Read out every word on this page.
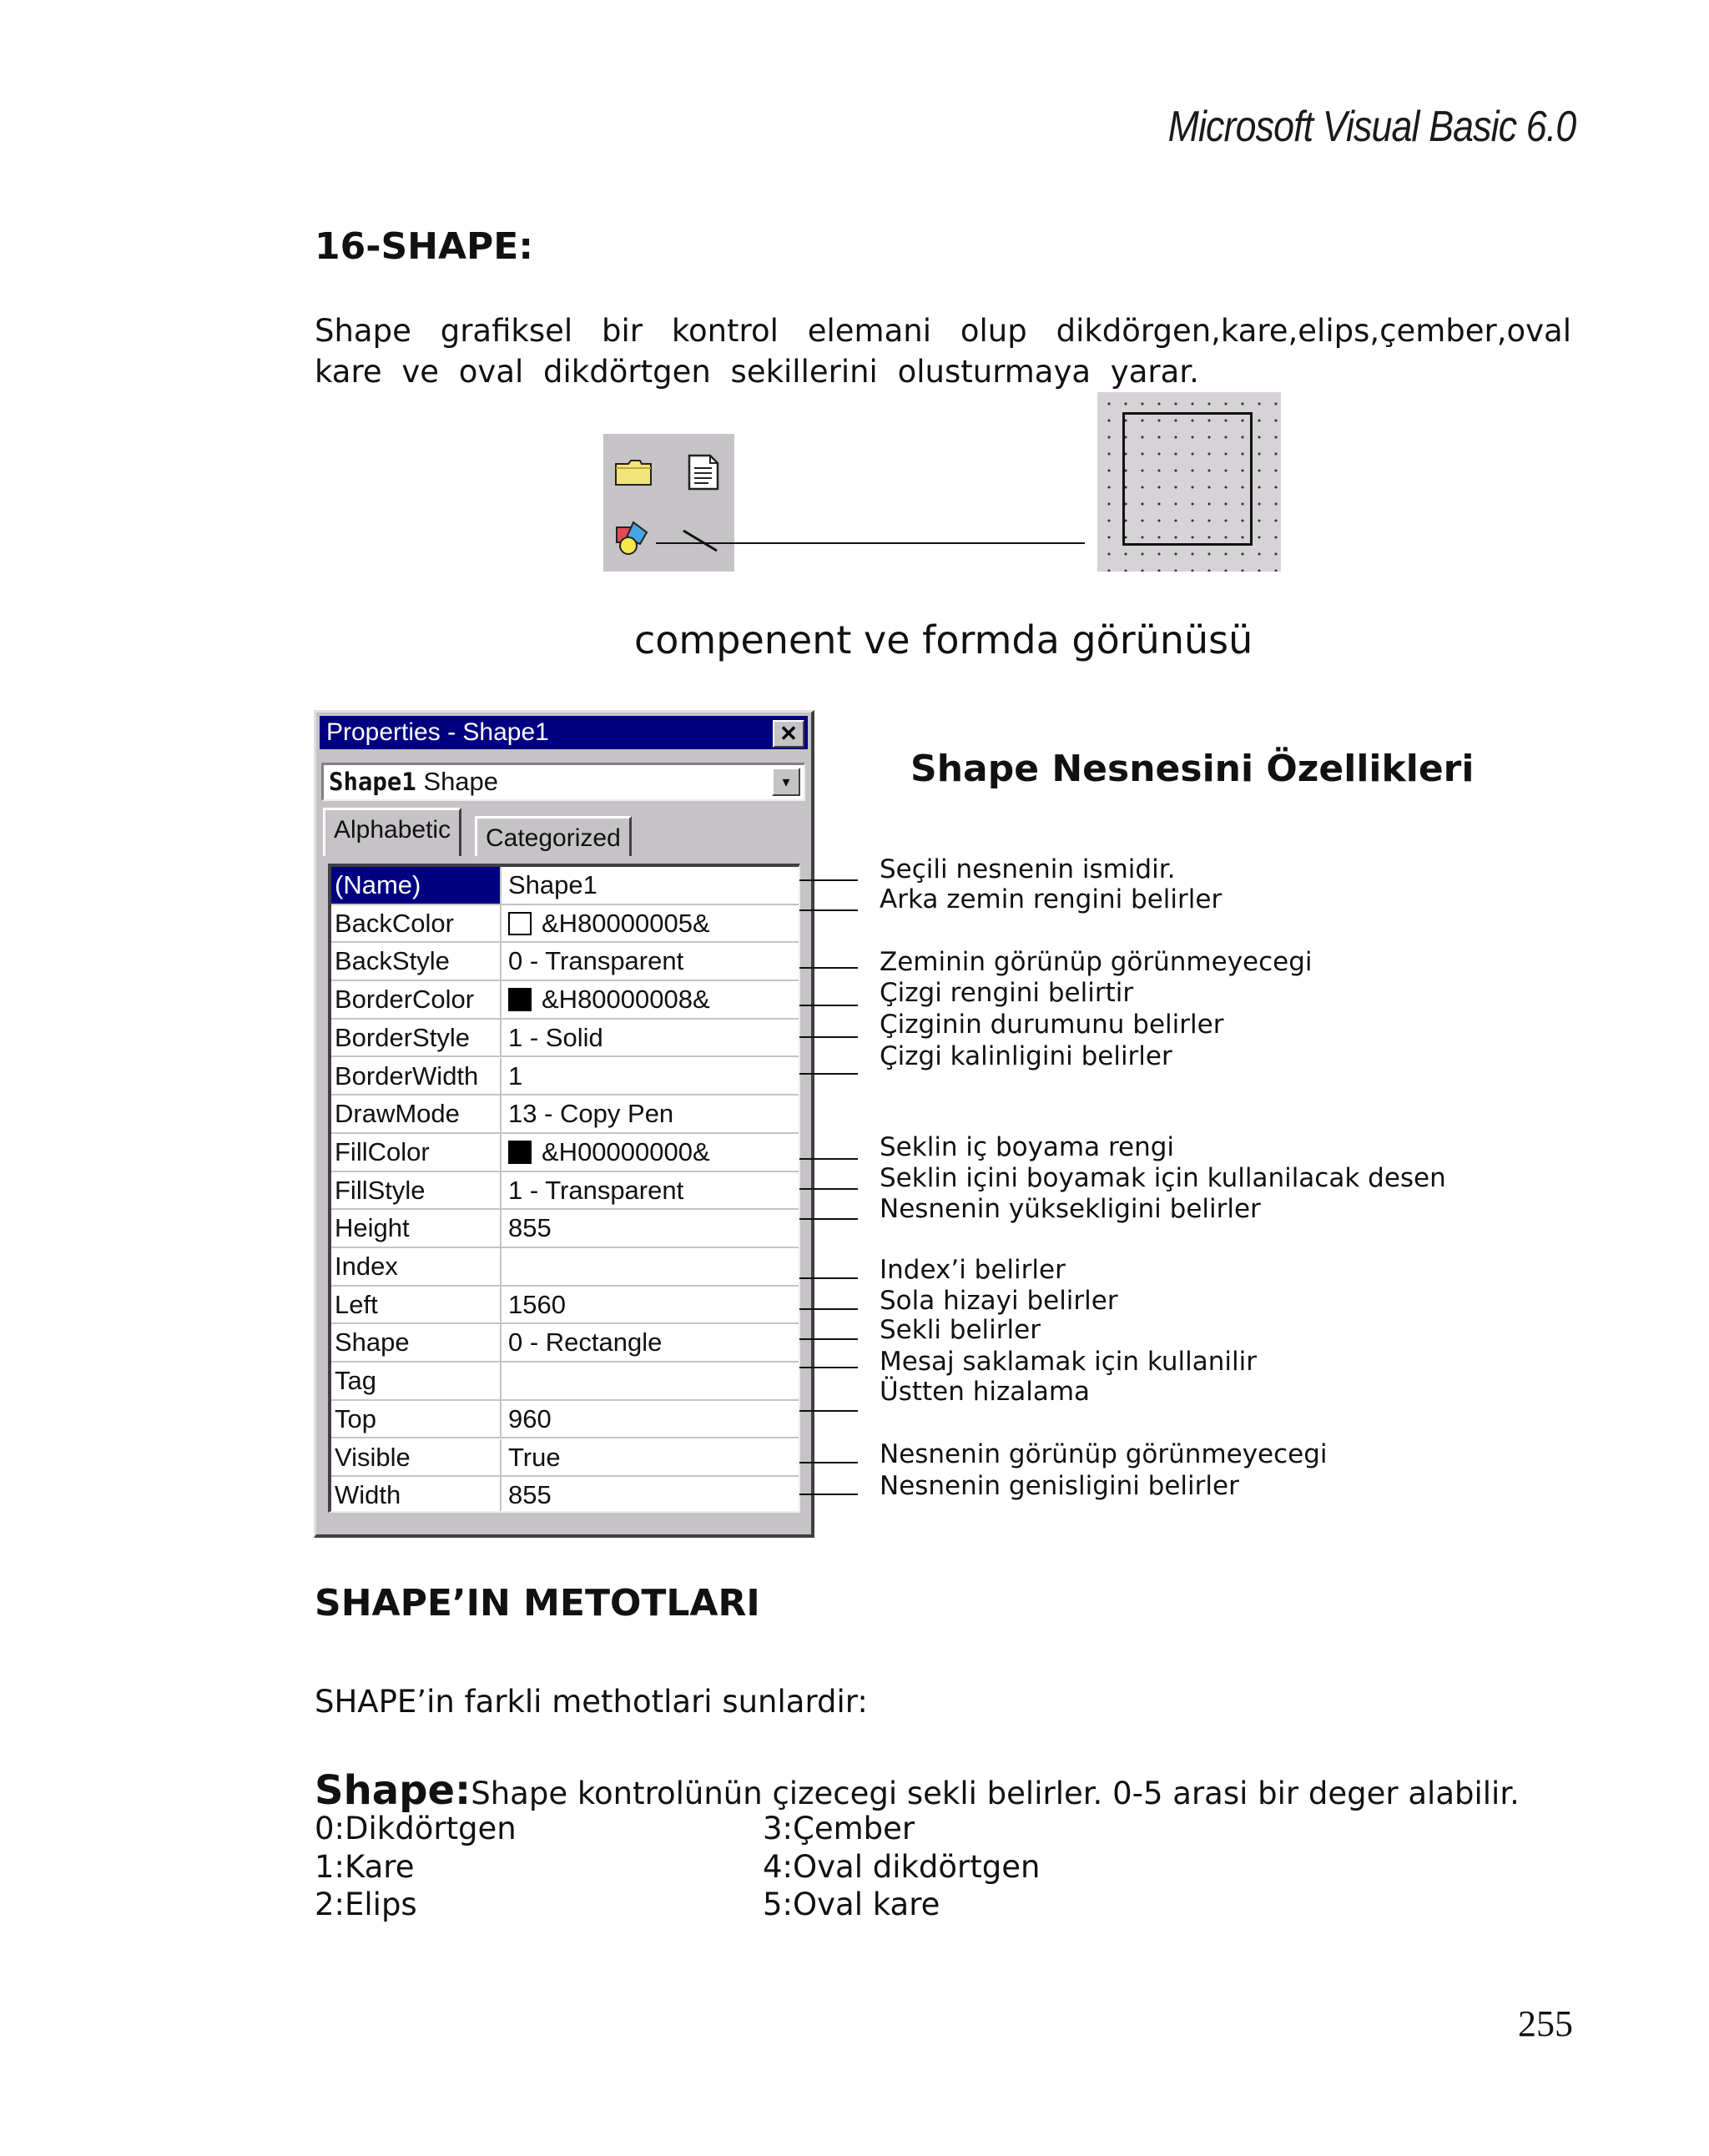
Microsoft Visual Basic 6.0
16-SHAPE:
Shape grafiksel bir kontrol elemani olup dikdörgen,kare,elips,çember,oval kare ve oval dikdörtgen sekillerini olusturmaya yarar.
compenent ve formda görünüsü
Properties - Shape1	✕
Shape1 Shape	▾
Alphabetic	Categorized
(Name)	Shape1
BackColor	&H80000005&
BackStyle	0 - Transparent
BorderColor	&H80000008&
BorderStyle	1 - Solid
BorderWidth	1
DrawMode	13 - Copy Pen
FillColor	&H00000000&
FillStyle	1 - Transparent
Height	855
Index
Left	1560
Shape	0 - Rectangle
Tag
Top	960
Visible	True
Width	855
Shape Nesnesini Özellikleri
Seçili nesnenin ismidir.
Arka zemin rengini belirler
Zeminin görünüp görünmeyecegi
Çizgi rengini belirtir
Çizginin durumunu belirler
Çizgi kalinligini belirler
Seklin iç boyama rengi
Seklin içini boyamak için kullanilacak desen
Nesnenin yüksekligini belirler
Index’i belirler
Sola hizayi belirler
Sekli belirler
Mesaj saklamak için kullanilir
Üstten hizalama
Nesnenin görünüp görünmeyecegi
Nesnenin genisligini belirler
SHAPE’IN METOTLARI
SHAPE’in farkli methotlari sunlardir:
Shape:Shape kontrolünün çizecegi sekli belirler. 0-5 arasi bir deger alabilir.
0:Dikdörtgen
1:Kare
2:Elips
3:Çember
4:Oval dikdörtgen
5:Oval kare
255
